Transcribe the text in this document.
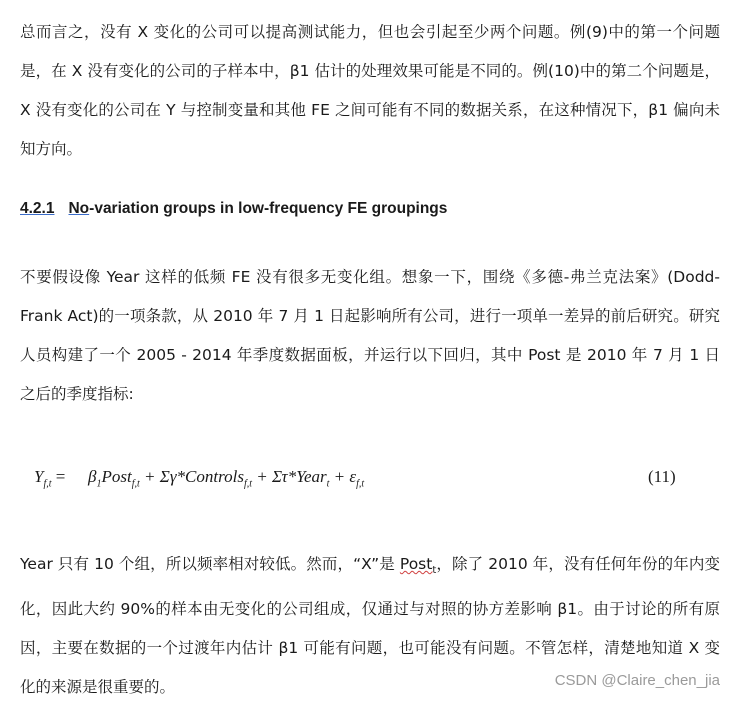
总而言之，没有 X 变化的公司可以提高测试能力，但也会引起至少两个问题。例(9)中的第一个问题是，在 X 没有变化的公司的子样本中，β1 估计的处理效果可能是不同的。例(10)中的第二个问题是，X 没有变化的公司在 Y 与控制变量和其他 FE 之间可能有不同的数据关系，在这种情况下，β1 偏向未知方向。

4.2.1 No-variation groups in low-frequency FE groupings

不要假设像 Year 这样的低频 FE 没有很多无变化组。想象一下，围绕《多德-弗兰克法案》(Dodd-Frank Act)的一项条款，从 2010 年 7 月 1 日起影响所有公司，进行一项单一差异的前后研究。研究人员构建了一个 2005 - 2014 年季度数据面板，并运行以下回归，其中 Post 是 2010 年 7 月 1 日之后的季度指标:

$Y_{f,t}$ = $\beta_1Post_{f,t}$ + Σγ*Controls$_{f,t}$ + Στ*Year$_t$ + $\varepsilon_{f,t}$	(11)

Year 只有 10 个组，所以频率相对较低。然而，“X”是 Post$_t$，除了 2010 年，没有任何年份的年内变化，因此大约 90%的样本由无变化的公司组成，仅通过与对照的协方差影响 β1。由于讨论的所有原因，主要在数据的一个过渡年内估计 β1 可能有问题，也可能没有问题。不管怎样，清楚地知道 X 变化的来源是很重要的。	CSDN @Claire_chen_jia
